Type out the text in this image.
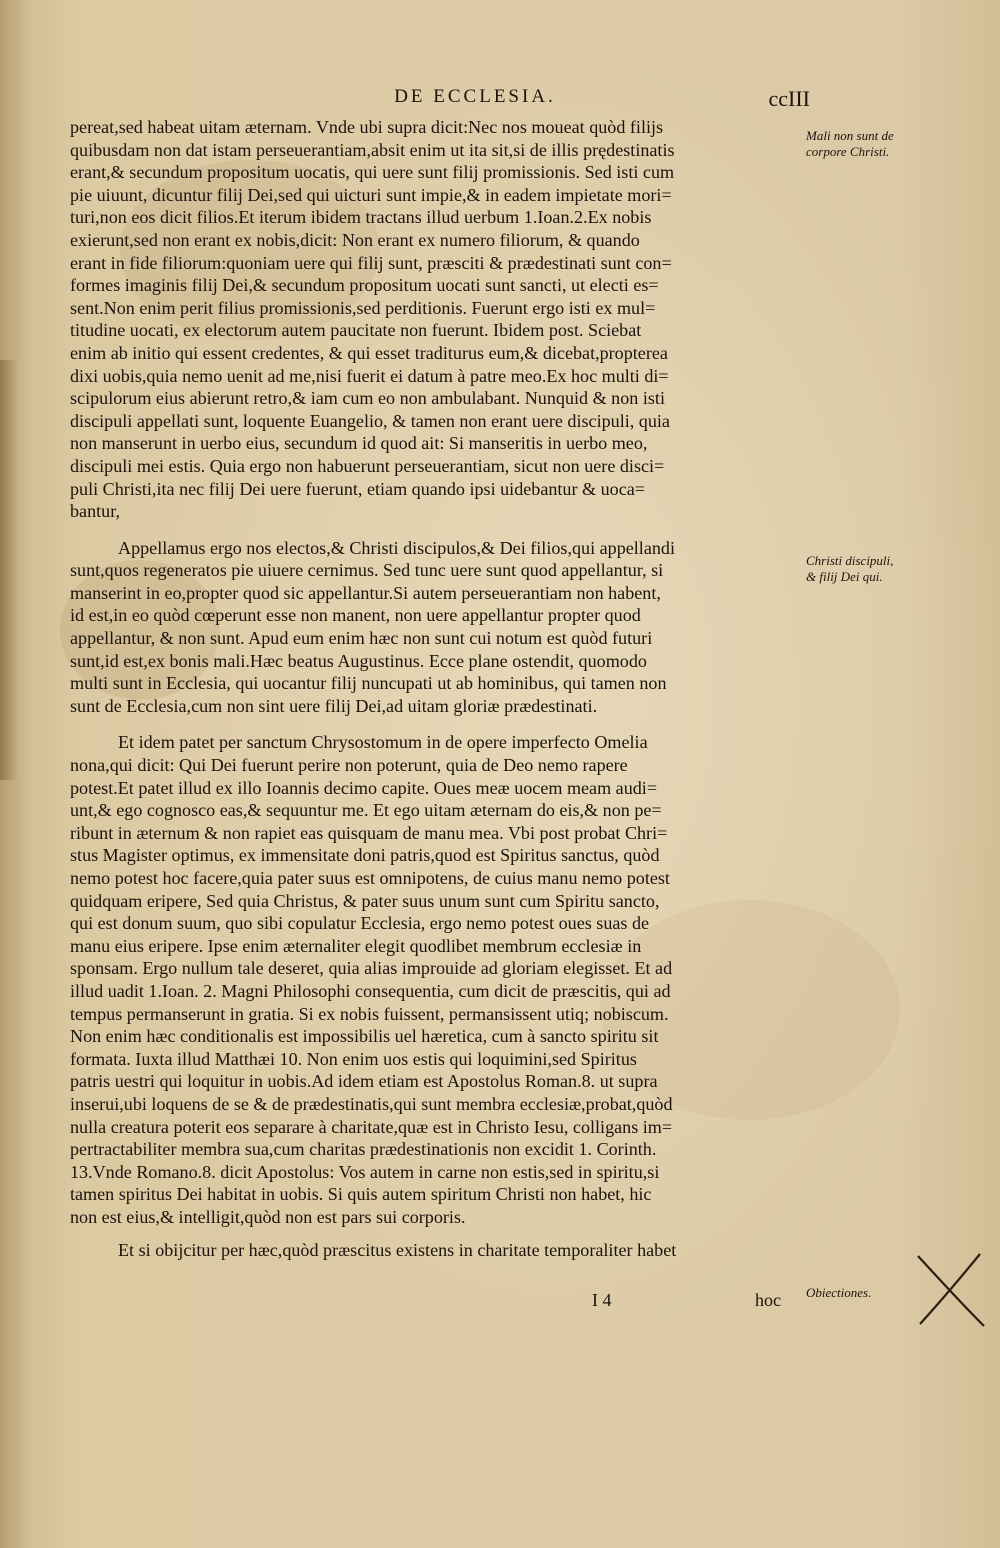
DE ECCLESIA.	ccIII
pereat,sed habeat uitam æternam. Vnde ubi supra dicit:Nec nos moueat quòd filijs
quibusdam non dat istam perseuerantiam,absit enim ut ita sit,si de illis prędestinatis
erant,& secundum propositum uocatis, qui uere sunt filij promissionis. Sed isti cum
pie uiuunt, dicuntur filij Dei,sed qui uicturi sunt impie,& in eadem impietate mori=
turi,non eos dicit filios.Et iterum ibidem tractans illud uerbum 1.Ioan.2.Ex nobis
exierunt,sed non erant ex nobis,dicit: Non erant ex numero filiorum, & quando
erant in fide filiorum:quoniam uere qui filij sunt, præsciti & prædestinati sunt con=
formes imaginis filij Dei,& secundum propositum uocati sunt sancti, ut electi es=
sent.Non enim perit filius promissionis,sed perditionis. Fuerunt ergo isti ex mul=
titudine uocati, ex electorum autem paucitate non fuerunt. Ibidem post. Sciebat
enim ab initio qui essent credentes, & qui esset traditurus eum,& dicebat,propterea
dixi uobis,quia nemo uenit ad me,nisi fuerit ei datum à patre meo.Ex hoc multi di=
scipulorum eius abierunt retro,& iam cum eo non ambulabant. Nunquid & non isti
discipuli appellati sunt, loquente Euangelio, & tamen non erant uere discipuli, quia
non manserunt in uerbo eius, secundum id quod ait: Si manseritis in uerbo meo,
discipuli mei estis. Quia ergo non habuerunt perseuerantiam, sicut non uere disci=
puli Christi,ita nec filij Dei uere fuerunt, etiam quando ipsi uidebantur & uoca=
bantur,
Appellamus ergo nos electos,& Christi discipulos,& Dei filios,qui appellandi
sunt,quos regeneratos pie uiuere cernimus. Sed tunc uere sunt quod appellantur, si
manserint in eo,propter quod sic appellantur.Si autem perseuerantiam non habent,
id est,in eo quòd cœperunt esse non manent, non uere appellantur propter quod
appellantur, & non sunt. Apud eum enim hæc non sunt cui notum est quòd futuri
sunt,id est,ex bonis mali.Hæc beatus Augustinus. Ecce plane ostendit, quomodo
multi sunt in Ecclesia, qui uocantur filij nuncupati ut ab hominibus, qui tamen non
sunt de Ecclesia,cum non sint uere filij Dei,ad uitam gloriæ prædestinati.
Et idem patet per sanctum Chrysostomum in de opere imperfecto Omelia
nona,qui dicit: Qui Dei fuerunt perire non poterunt, quia de Deo nemo rapere
potest.Et patet illud ex illo Ioannis decimo capite. Oues meæ uocem meam audi=
unt,& ego cognosco eas,& sequuntur me. Et ego uitam æternam do eis,& non pe=
ribunt in æternum & non rapiet eas quisquam de manu mea. Vbi post probat Chri=
stus Magister optimus, ex immensitate doni patris,quod est Spiritus sanctus, quòd
nemo potest hoc facere,quia pater suus est omnipotens, de cuius manu nemo potest
quidquam eripere, Sed quia Christus, & pater suus unum sunt cum Spiritu sancto,
qui est donum suum, quo sibi copulatur Ecclesia, ergo nemo potest oues suas de
manu eius eripere. Ipse enim æternaliter elegit quodlibet membrum ecclesiæ in
sponsam. Ergo nullum tale deseret, quia alias improuide ad gloriam elegisset. Et ad
illud uadit 1.Ioan. 2. Magni Philosophi consequentia, cum dicit de præscitis, qui ad
tempus permanserunt in gratia. Si ex nobis fuissent, permansissent utiq; nobiscum.
Non enim hæc conditionalis est impossibilis uel hæretica, cum à sancto spiritu sit
formata. Iuxta illud Matthæi 10. Non enim uos estis qui loquimini,sed Spiritus
patris uestri qui loquitur in uobis.Ad idem etiam est Apostolus Roman.8. ut supra
inserui,ubi loquens de se & de prædestinatis,qui sunt membra ecclesiæ,probat,quòd
nulla creatura poterit eos separare à charitate,quæ est in Christo Iesu, colligans im=
pertractabiliter membra sua,cum charitas prædestinationis non excidit 1. Corinth.
13.Vnde Romano.8. dicit Apostolus: Vos autem in carne non estis,sed in spiritu,si
tamen spiritus Dei habitat in uobis. Si quis autem spiritum Christi non habet, hic
non est eius,& intelligit,quòd non est pars sui corporis.
Et si obijcitur per hæc,quòd præscitus existens in charitate temporaliter habet
Mali non sunt de
corpore Christi.
Christi discipuli,
& filij Dei qui.
Obiectiones.
I 4	hoc
